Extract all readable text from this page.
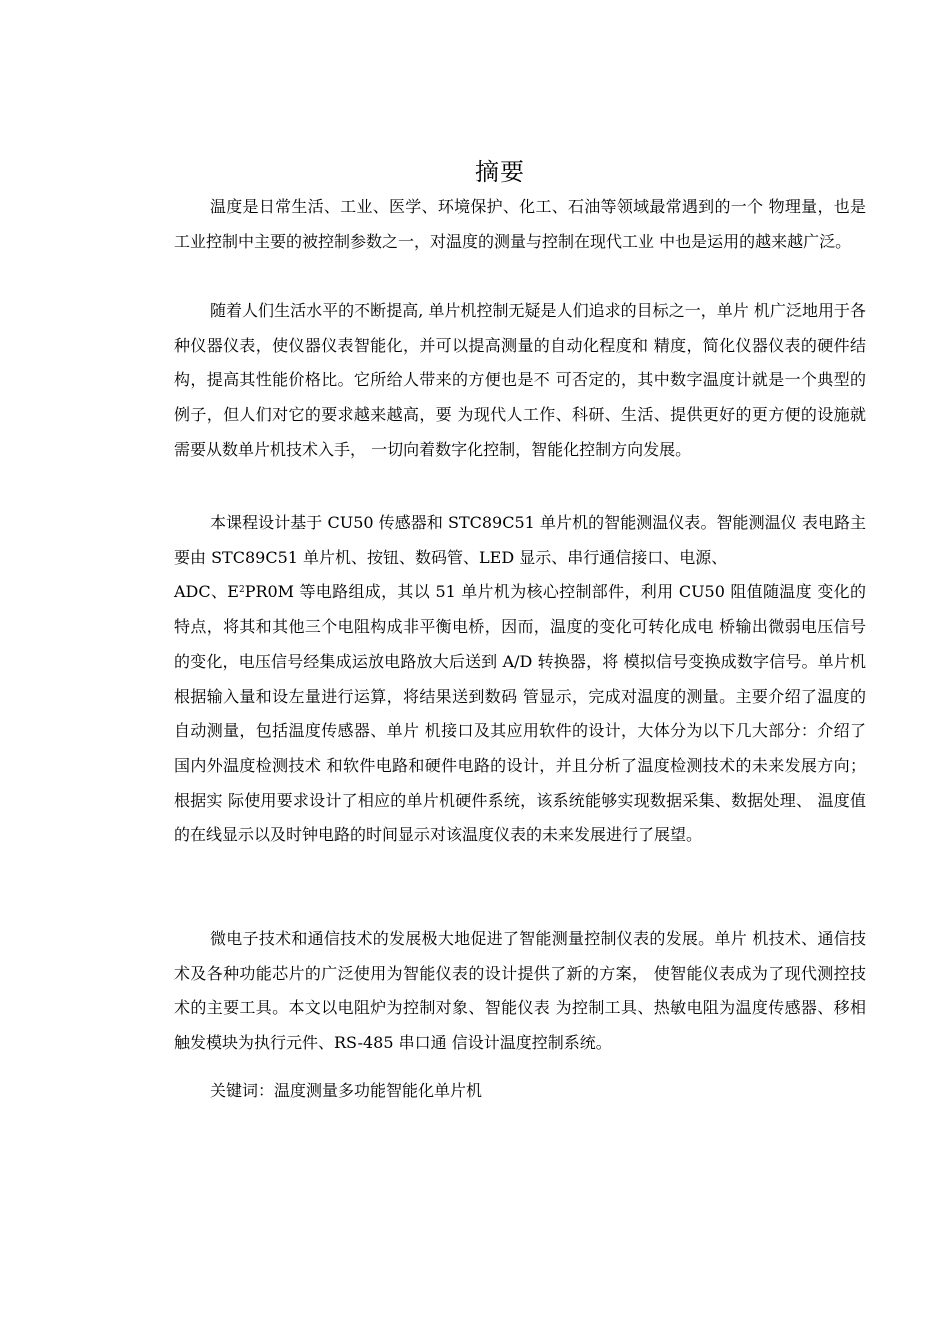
摘要

温度是日常生活、工业、医学、环境保护、化工、石油等领域最常遇到的一个 物理量，也是工业控制中主要的被控制参数之一，对温度的测量与控制在现代工业 中也是运用的越来越广泛。

随着人们生活水平的不断提高, 单片机控制无疑是人们追求的目标之一，单片 机广泛地用于各种仪器仪表，使仪器仪表智能化，并可以提高测量的自动化程度和 精度，简化仪器仪表的硬件结构，提高其性能价格比。它所给人带来的方便也是不 可否定的，其中数字温度计就是一个典型的例子，但人们对它的要求越来越高，要 为现代人工作、科研、生活、提供更好的更方便的设施就需要从数单片机技术入手， 一切向着数字化控制，智能化控制方向发展。

本课程设计基于 CU50 传感器和 STC89C51 单片机的智能测温仪表。智能测温仪 表电路主要由 STC89C51 单片机、按钮、数码管、LED 显示、串行通信接口、电源、
ADC、$E^2PR0M$ 等电路组成，其以 51 单片机为核心控制部件，利用 CU50 阻值随温度 变化的特点，将其和其他三个电阻构成非平衡电桥，因而，温度的变化可转化成电 桥输出微弱电压信号的变化，电压信号经集成运放电路放大后送到 A/D 转换器，将 模拟信号变换成数字信号。单片机根据输入量和设左量进行运算，将结果送到数码 管显示，完成对温度的测量。主要介绍了温度的自动测量，包括温度传感器、单片 机接口及其应用软件的设计，大体分为以下几大部分：介绍了国内外温度检测技术 和软件电路和硬件电路的设计，并且分析了温度检测技术的未来发展方向；根据实 际使用要求设计了相应的单片机硬件系统，该系统能够实现数据采集、数据处理、 温度值的在线显示以及时钟电路的时间显示对该温度仪表的未来发展进行了展望。

微电子技术和通信技术的发展极大地促进了智能测量控制仪表的发展。单片 机技术、通信技术及各种功能芯片的广泛使用为智能仪表的设计提供了新的方案， 使智能仪表成为了现代测控技术的主要工具。本文以电阻炉为控制对象、智能仪表 为控制工具、热敏电阻为温度传感器、移相触发模块为执行元件、RS-485 串口通 信设计温度控制系统。

关键词：温度测量多功能智能化单片机
